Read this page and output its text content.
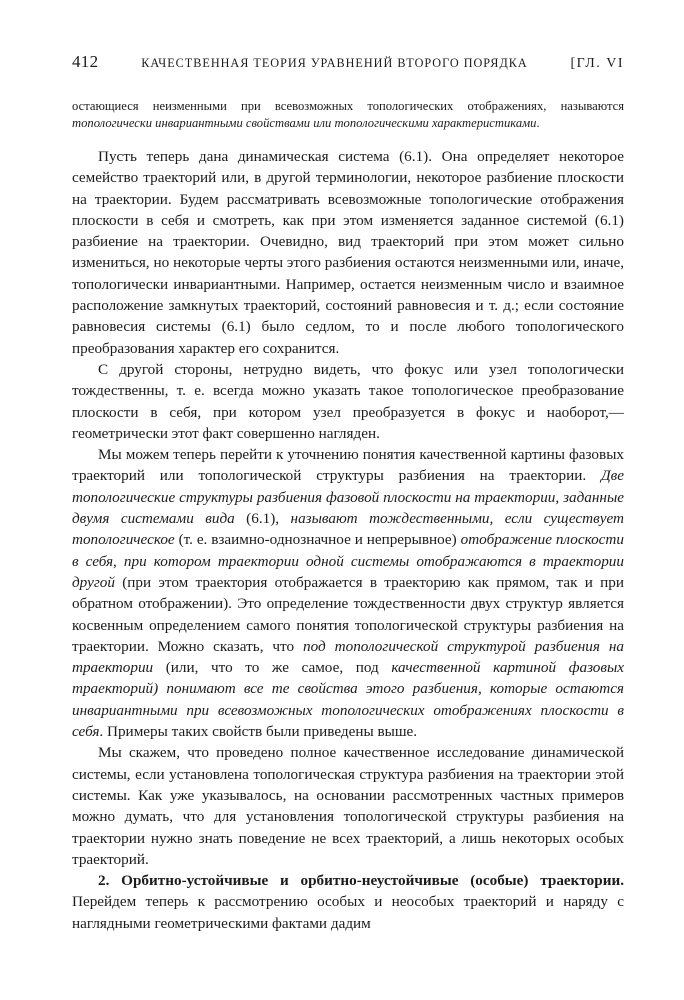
412	КАЧЕСТВЕННАЯ ТЕОРИЯ УРАВНЕНИЙ ВТОРОГО ПОРЯДКА	[ГЛ. VI

остающиеся неизменными при всевозможных топологических отображениях, называются топологически инвариантными свойствами или топологическими характеристиками.

Пусть теперь дана динамическая система (6.1). Она определяет некоторое семейство траекторий или, в другой терминологии, некоторое разбиение плоскости на траектории. Будем рассматривать всевозможные топологические отображения плоскости в себя и смотреть, как при этом изменяется заданное системой (6.1) разбиение на траектории. Очевидно, вид траекторий при этом может сильно измениться, но некоторые черты этого разбиения остаются неизменными или, иначе, топологически инвариантными. Например, остается неизменным число и взаимное расположение замкнутых траекторий, состояний равновесия и т. д.; если состояние равновесия системы (6.1) было седлом, то и после любого топологического преобразования характер его сохранится.

С другой стороны, нетрудно видеть, что фокус или узел топологически тождественны, т. е. всегда можно указать такое топологическое преобразование плоскости в себя, при котором узел преобразуется в фокус и наоборот,— геометрически этот факт совершенно нагляден.

Мы можем теперь перейти к уточнению понятия качественной картины фазовых траекторий или топологической структуры разбиения на траектории. Две топологические структуры разбиения фазовой плоскости на траектории, заданные двумя системами вида (6.1), называют тождественными, если существует топологическое (т. е. взаимно-однозначное и непрерывное) отображение плоскости в себя, при котором траектории одной системы отображаются в траектории другой (при этом траектория отображается в траекторию как прямом, так и при обратном отображении). Это определение тождественности двух структур является косвенным определением самого понятия топологической структуры разбиения на траектории. Можно сказать, что под топологической структурой разбиения на траектории (или, что то же самое, под качественной картиной фазовых траекторий) понимают все те свойства этого разбиения, которые остаются инвариантными при всевозможных топологических отображениях плоскости в себя. Примеры таких свойств были приведены выше.

Мы скажем, что проведено полное качественное исследование динамической системы, если установлена топологическая структура разбиения на траектории этой системы. Как уже указывалось, на основании рассмотренных частных примеров можно думать, что для установления топологической структуры разбиения на траектории нужно знать поведение не всех траекторий, а лишь некоторых особых траекторий.

2. Орбитно-устойчивые и орбитно-неустойчивые (особые) траектории. Перейдем теперь к рассмотрению особых и неособых траекторий и наряду с наглядными геометрическими фактами дадим
